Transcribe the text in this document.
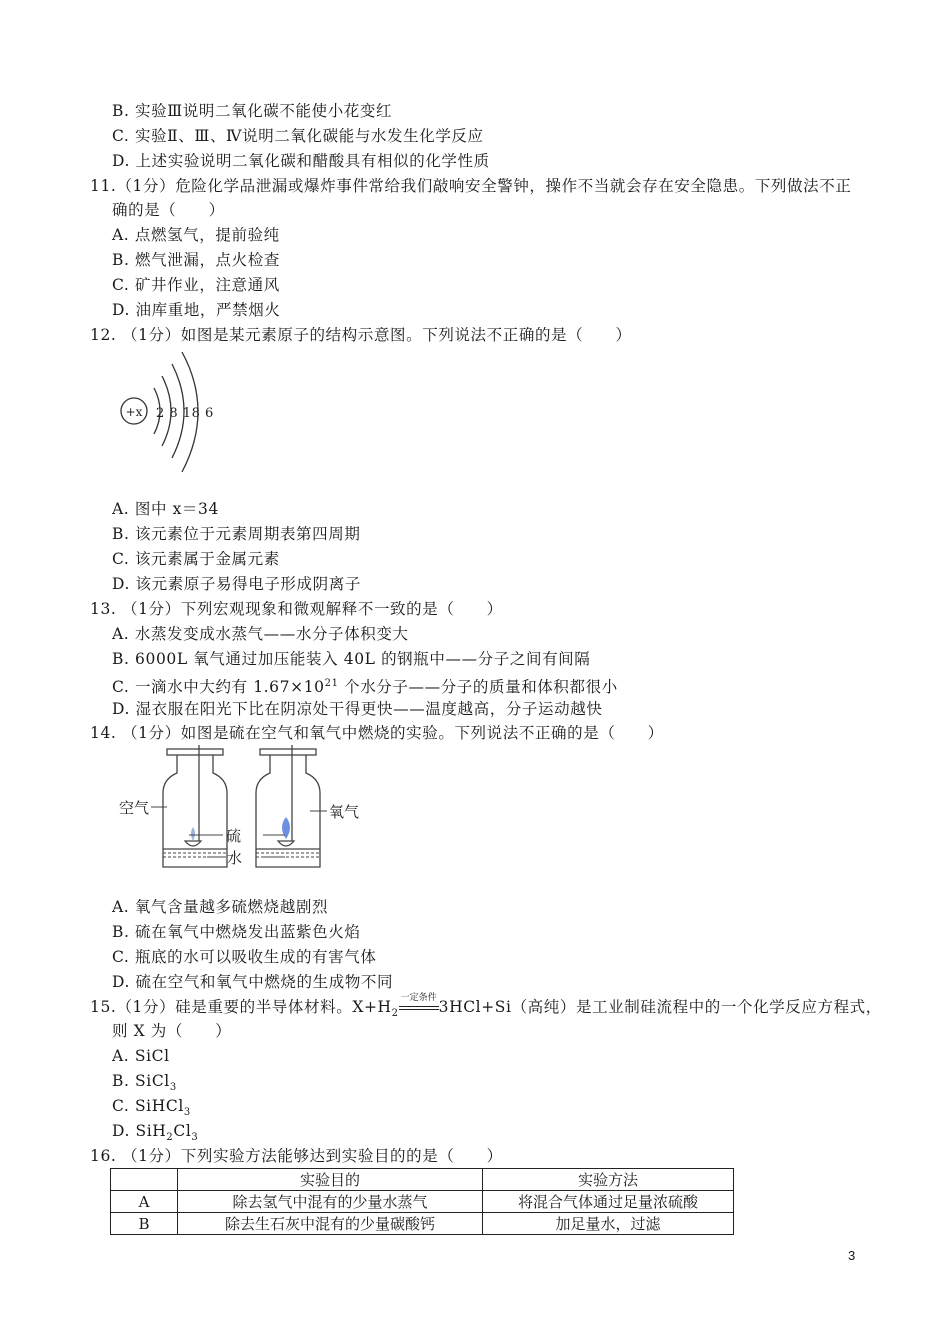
B. 实验Ⅲ说明二氧化碳不能使小花变红
C. 实验Ⅱ、Ⅲ、Ⅳ说明二氧化碳能与水发生化学反应
D. 上述实验说明二氧化碳和醋酸具有相似的化学性质
11.（1分）危险化学品泄漏或爆炸事件常给我们敲响安全警钟，操作不当就会存在安全隐患。下列做法不正
确的是（　　）
A. 点燃氢气，提前验纯
B. 燃气泄漏，点火检查
C. 矿井作业，注意通风
D. 油库重地，严禁烟火
12. （1分）如图是某元素原子的结构示意图。下列说法不正确的是（　　）
+x 2 8 18 6
A. 图中 x＝34
B. 该元素位于元素周期表第四周期
C. 该元素属于金属元素
D. 该元素原子易得电子形成阴离子
13. （1分）下列宏观现象和微观解释不一致的是（　　）
A. 水蒸发变成水蒸气——水分子体积变大
B. 6000L 氧气通过加压能装入 40L 的钢瓶中——分子之间有间隔
C. 一滴水中大约有 $1.67\times 10^{21}$ 个水分子——分子的质量和体积都很小
D. 湿衣服在阳光下比在阴凉处干得更快——温度越高，分子运动越快
14. （1分）如图是硫在空气和氧气中燃烧的实验。下列说法不正确的是（　　）
空气
硫
氧气
水
A. 氧气含量越多硫燃烧越剧烈
B. 硫在氧气中燃烧发出蓝紫色火焰
C. 瓶底的水可以吸收生成的有害气体
D. 硫在空气和氧气中燃烧的生成物不同
15.（1分）硅是重要的半导体材料。$X+H_2$
一定条件 3HCl+Si（高纯）是工业制硅流程中的一个化学反应方程式，
则 X 为（　　）
A. SiCl
B. SiCl$_3$
C. SiHCl$_3$
D. $SiH_2Cl_3$
16. （1分）下列实验方法能够达到实验目的的是（　　）
	实验目的	实验方法
A	除去氢气中混有的少量水蒸气	将混合气体通过足量浓硫酸
B	除去生石灰中混有的少量碳酸钙	加足量水，过滤
3
